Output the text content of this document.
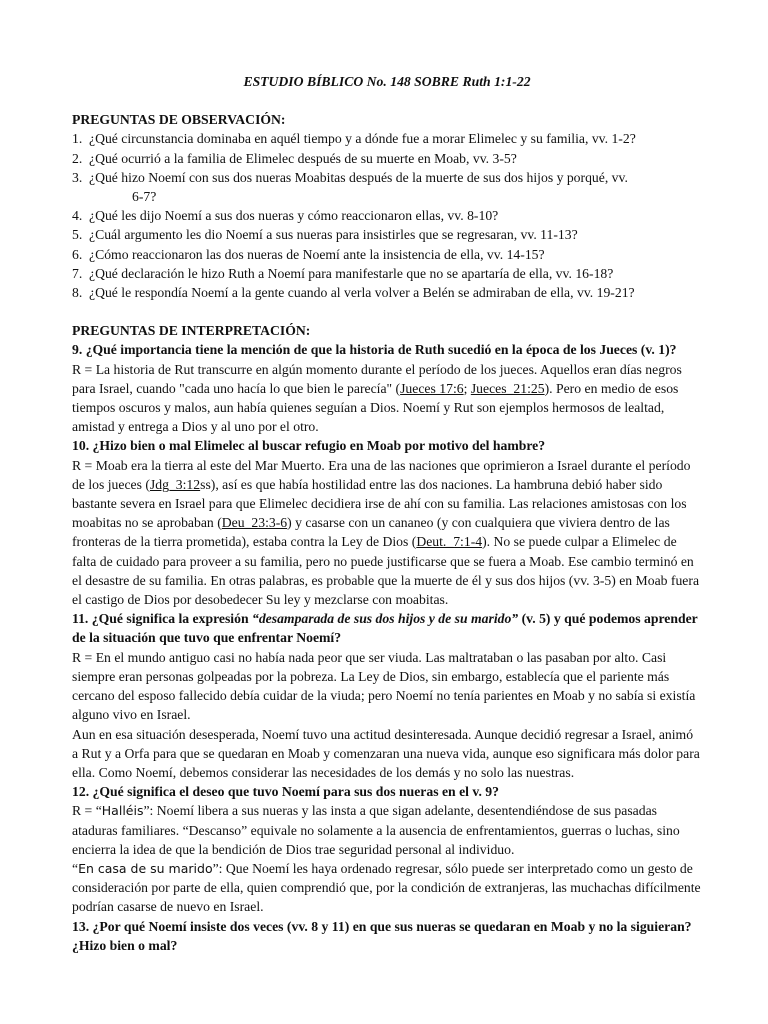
ESTUDIO BÍBLICO No. 148 SOBRE Ruth 1:1-22

PREGUNTAS DE OBSERVACIÓN:

1. ¿Qué circunstancia dominaba en aquél tiempo y a dónde fue a morar Elimelec y su familia, vv. 1-2?
2. ¿Qué ocurrió a la familia de Elimelec después de su muerte en Moab, vv. 3-5?
3. ¿Qué hizo Noemí con sus dos nueras Moabitas después de la muerte de sus dos hijos y porqué, vv.
6-7?
4. ¿Qué les dijo Noemí a sus dos nueras y cómo reaccionaron ellas, vv. 8-10?
5. ¿Cuál argumento les dio Noemí a sus nueras para insistirles que se regresaran, vv. 11-13?
6. ¿Cómo reaccionaron las dos nueras de Noemí ante la insistencia de ella, vv. 14-15?
7. ¿Qué declaración le hizo Ruth a Noemí para manifestarle que no se apartaría de ella, vv. 16-18?
8. ¿Qué le respondía Noemí a la gente cuando al verla volver a Belén se admiraban de ella, vv. 19-21?

PREGUNTAS DE INTERPRETACIÓN:

9. ¿Qué importancia tiene la mención de que la historia de Ruth sucedió en la época de los Jueces (v. 1)?

R = La historia de Rut transcurre en algún momento durante el período de los jueces. Aquellos eran días negros para Israel, cuando "cada uno hacía lo que bien le parecía" (Jueces 17:6; Jueces_21:25). Pero en medio de esos tiempos oscuros y malos, aun había quienes seguían a Dios. Noemí y Rut son ejemplos hermosos de lealtad, amistad y entrega a Dios y al uno por el otro.

10. ¿Hizo bien o mal Elimelec al buscar refugio en Moab por motivo del hambre?

R = Moab era la tierra al este del Mar Muerto. Era una de las naciones que oprimieron a Israel durante el período de los jueces (Jdg_3:12ss), así es que había hostilidad entre las dos naciones. La hambruna debió haber sido bastante severa en Israel para que Elimelec decidiera irse de ahí con su familia. Las relaciones amistosas con los moabitas no se aprobaban (Deu_23:3-6) y casarse con un cananeo (y con cualquiera que viviera dentro de las fronteras de la tierra prometida), estaba contra la Ley de Dios (Deut._7:1-4). No se puede culpar a Elimelec de falta de cuidado para proveer a su familia, pero no puede justificarse que se fuera a Moab. Ese cambio terminó en el desastre de su familia. En otras palabras, es probable que la muerte de él y sus dos hijos (vv. 3-5) en Moab fuera el castigo de Dios por desobedecer Su ley y mezclarse con moabitas.

11. ¿Qué significa la expresión “desamparada de sus dos hijos y de su marido” (v. 5) y qué podemos aprender de la situación que tuvo que enfrentar Noemí?

R = En el mundo antiguo casi no había nada peor que ser viuda. Las maltrataban o las pasaban por alto. Casi siempre eran personas golpeadas por la pobreza. La Ley de Dios, sin embargo, establecía que el pariente más cercano del esposo fallecido debía cuidar de la viuda; pero Noemí no tenía parientes en Moab y no sabía si existía alguno vivo en Israel.

Aun en esa situación desesperada, Noemí tuvo una actitud desinteresada. Aunque decidió regresar a Israel, animó a Rut y a Orfa para que se quedaran en Moab y comenzaran una nueva vida, aunque eso significara más dolor para ella. Como Noemí, debemos considerar las necesidades de los demás y no solo las nuestras.

12. ¿Qué significa el deseo que tuvo Noemí para sus dos nueras en el v. 9?

R = “Halléis”: Noemí libera a sus nueras y las insta a que sigan adelante, desentendiéndose de sus pasadas ataduras familiares. “Descanso” equivale no solamente a la ausencia de enfrentamientos, guerras o luchas, sino encierra la idea de que la bendición de Dios trae seguridad personal al individuo.

“En casa de su marido”: Que Noemí les haya ordenado regresar, sólo puede ser interpretado como un gesto de consideración por parte de ella, quien comprendió que, por la condición de extranjeras, las muchachas difícilmente podrían casarse de nuevo en Israel.

13. ¿Por qué Noemí insiste dos veces (vv. 8 y 11) en que sus nueras se quedaran en Moab y no la siguieran? ¿Hizo bien o mal?
